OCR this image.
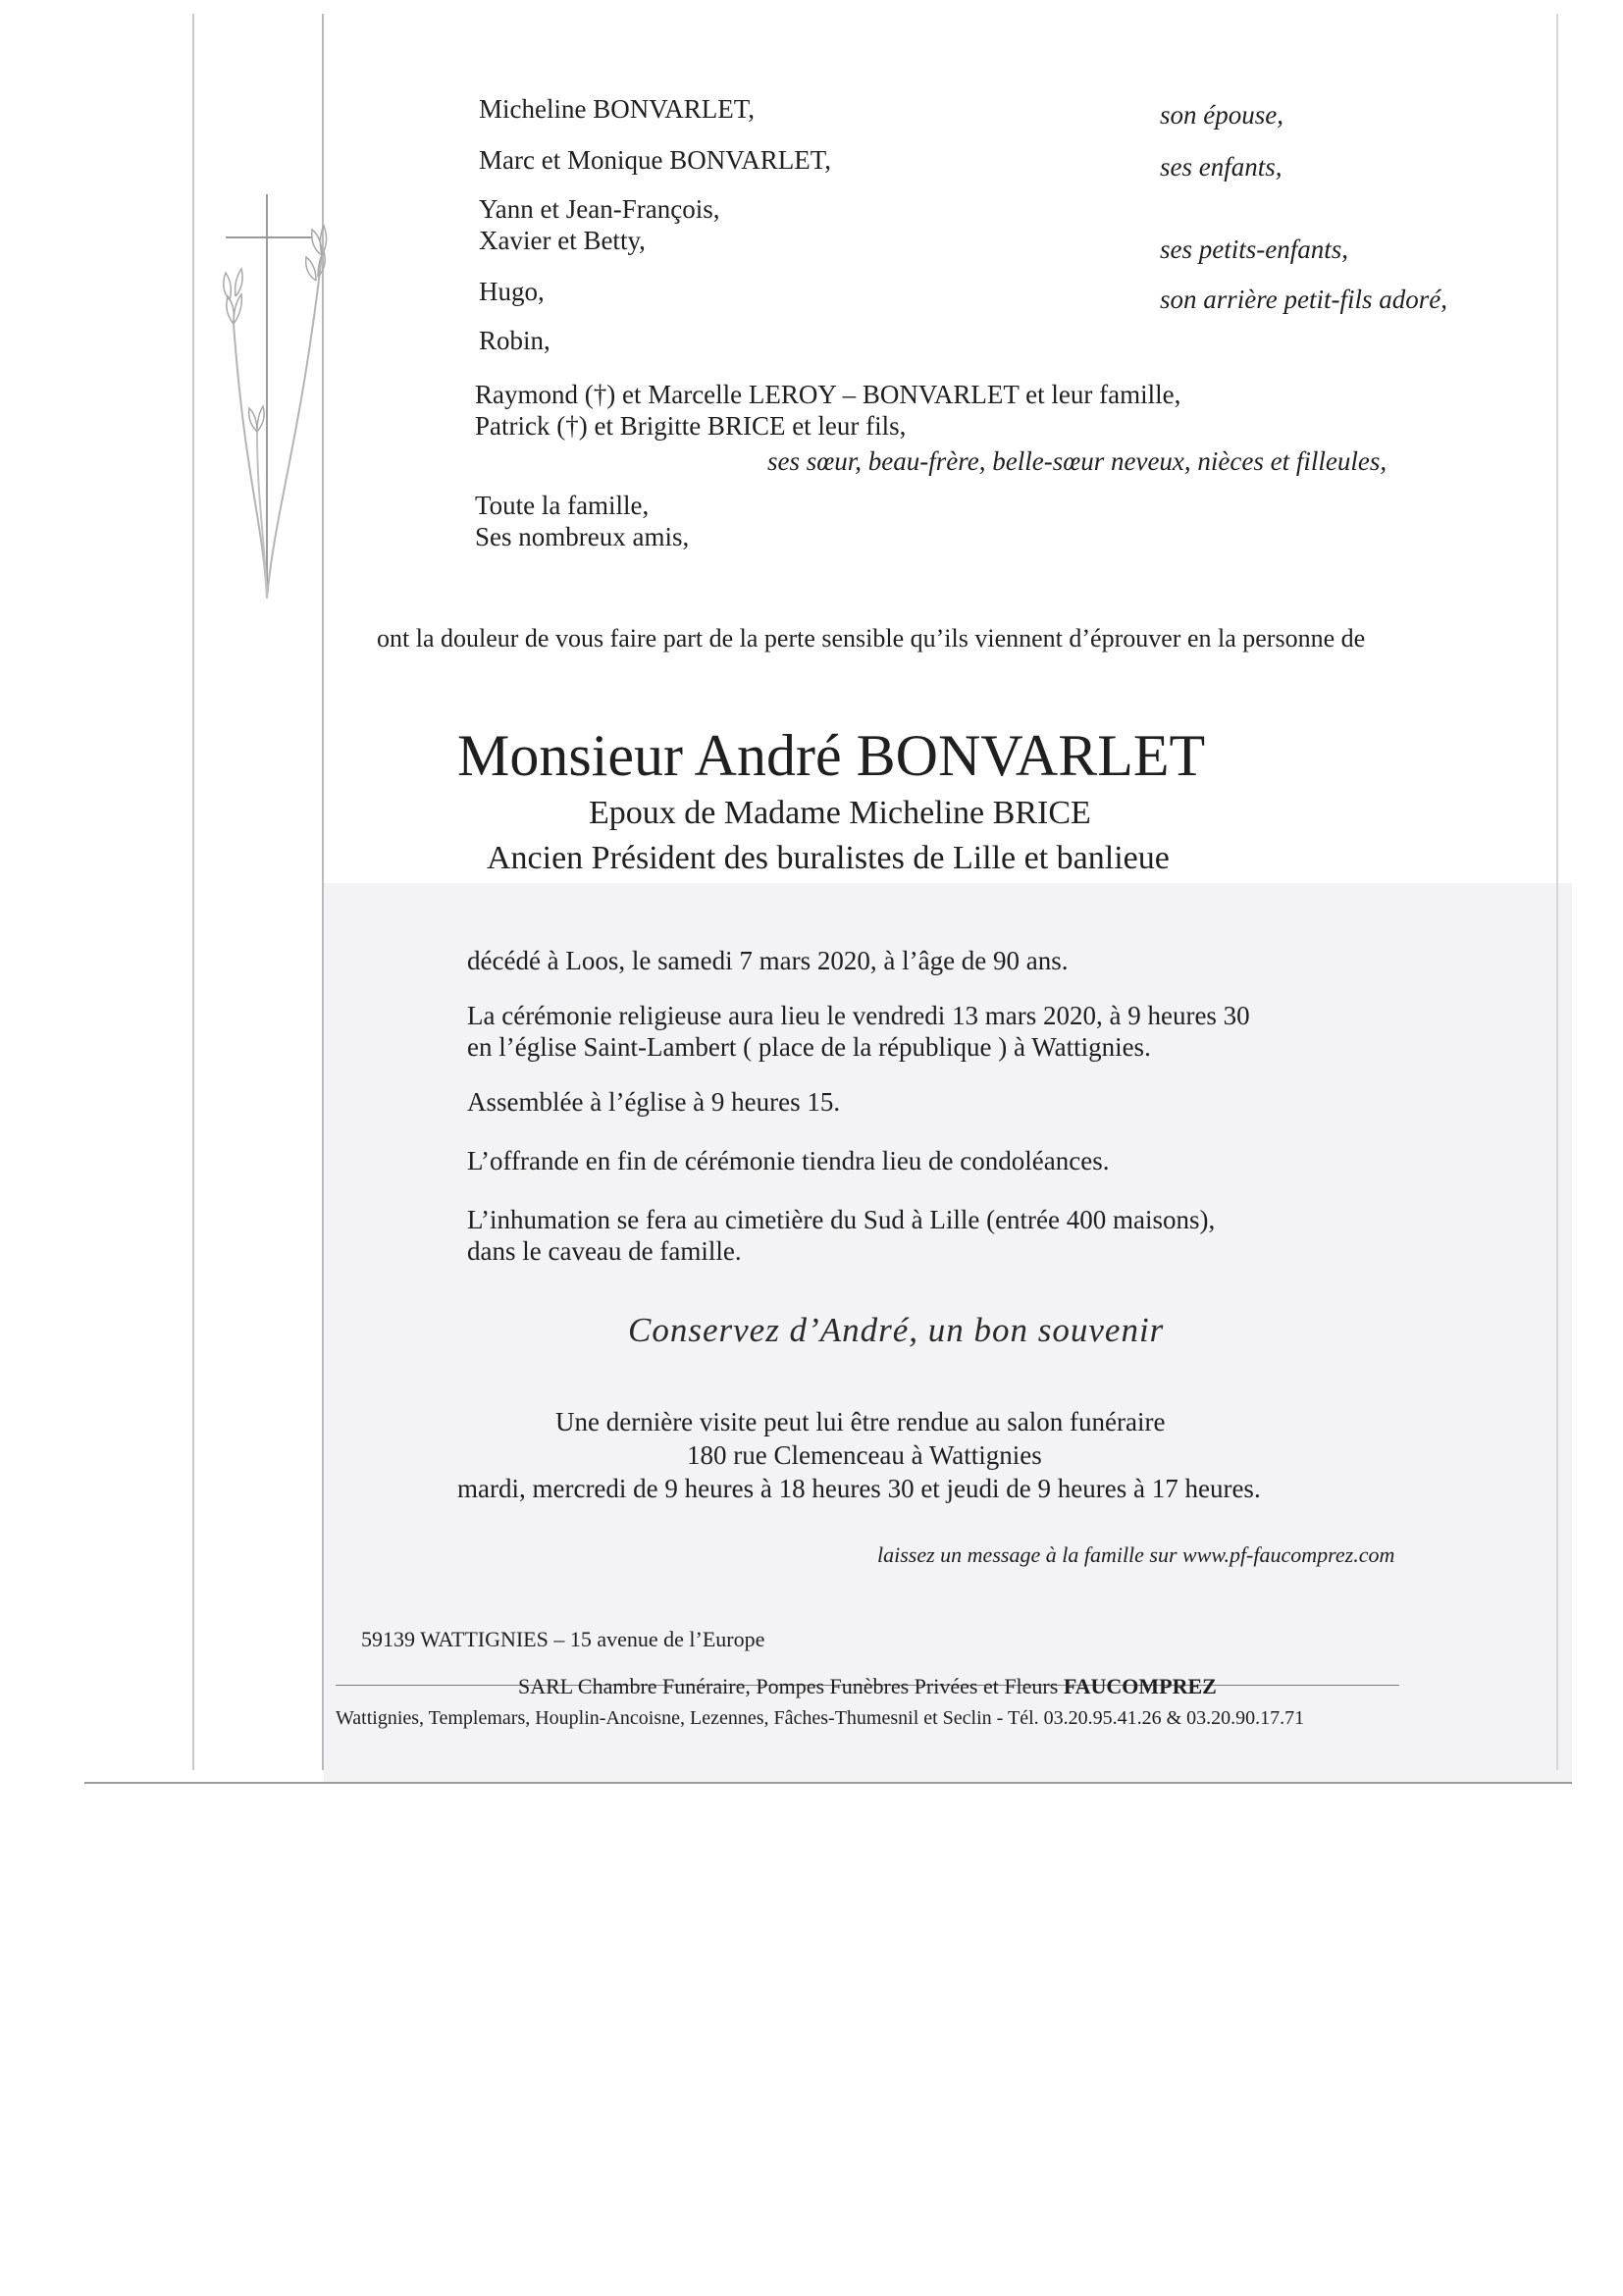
Micheline BONVARLET,	son épouse,
Marc et Monique BONVARLET,	ses enfants,
Yann et Jean-François,
Xavier et Betty,	ses petits-enfants,
Hugo,	son arrière petit-fils adoré,
Robin,
Raymond (†) et Marcelle LEROY – BONVARLET et leur famille,
Patrick (†) et Brigitte BRICE et leur fils,
ses sœur, beau-frère, belle-sœur neveux, nièces et filleules,
Toute la famille,
Ses nombreux amis,
ont la douleur de vous faire part de la perte sensible qu’ils viennent d’éprouver en la personne de
Monsieur André BONVARLET
Epoux de Madame Micheline BRICE
Ancien Président des buralistes de Lille et banlieue
décédé à Loos, le samedi 7 mars 2020, à l’âge de 90 ans.
La cérémonie religieuse aura lieu le vendredi 13 mars 2020, à 9 heures 30
en l’église Saint-Lambert ( place de la république ) à Wattignies.
Assemblée à l’église à 9 heures 15.
L’offrande en fin de cérémonie tiendra lieu de condoléances.
L’inhumation se fera au cimetière du Sud à Lille (entrée 400 maisons),
dans le caveau de famille.
Conservez d’André, un bon souvenir
Une dernière visite peut lui être rendue au salon funéraire
180 rue Clemenceau à Wattignies
mardi, mercredi de 9 heures à 18 heures 30 et jeudi de 9 heures à 17 heures.
laissez un message à la famille sur www.pf-faucomprez.com
59139 WATTIGNIES – 15 avenue de l’Europe
SARL Chambre Funéraire, Pompes Funèbres Privées et Fleurs FAUCOMPREZ
Wattignies, Templemars, Houplin-Ancoisne, Lezennes, Fâches-Thumesnil et Seclin - Tél. 03.20.95.41.26 & 03.20.90.17.71
